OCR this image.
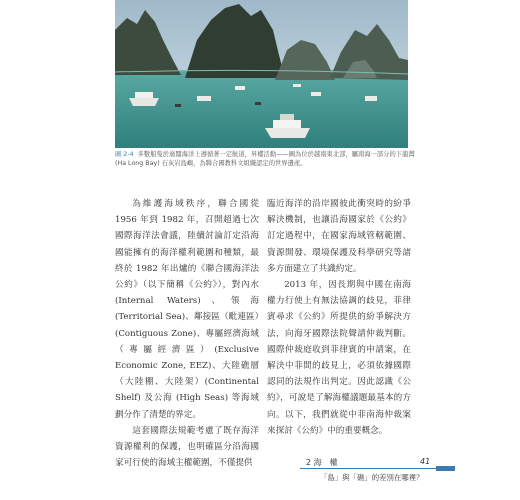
圖 2-4 多數船隻於廣闊海洋上遵循著一定航道，昇樓活動——圖為位於越南東北部，屬南海一部分的下龍灣 (Ha Long Bay) 石灰岩島嶼，為聯合國教科文組織認定的世界遺產。

為維護海域秩序，聯合國從 1956 年到 1982 年，召開超過七次國際海洋法會議，陸續討論訂定沿海國能擁有的海洋權利範圍和種類，最終於 1982 年出爐的《聯合國海洋法公約》（以下簡稱《公約》），對內水 (Internal Waters)、領海 (Territorial Sea)、鄰接區（毗連區）(Contiguous Zone)、專屬經濟海域（專屬經濟區）(Exclusive Economic Zone, EEZ)、大陸礁層（大陸棚、大陸架）(Continental Shelf) 及公海 (High Seas) 等海域劃分作了清楚的界定。

這套國際法規範考慮了既存海洋資源權利的保護，也明確區分沿海國家可行使的海域主權範圍，不僅提供

臨近海洋的沿岸國彼此衝突時的紛爭解決機制，也讓沿海國家於《公約》訂定過程中，在國家海域管轄範圍、資源開發、環境保護及科學研究等諸多方面建立了共識約定。

2013 年，因長期與中國在南海權力行使上有無法協調的歧見，菲律賓尋求《公約》所提供的紛爭解決方法，向海牙國際法院聲請仲裁判斷。國際仲裁庭收到菲律賓的申請案，在解決中菲間的歧見上，必須依據國際認同的法規作出判定。因此認識《公約》，可說是了解海權議題最基本的方向。以下，我們就從中菲南海仲裁案來探討《公約》中的重要概念。

2 海　權	41
「島」與「礁」的差別在哪裡？
